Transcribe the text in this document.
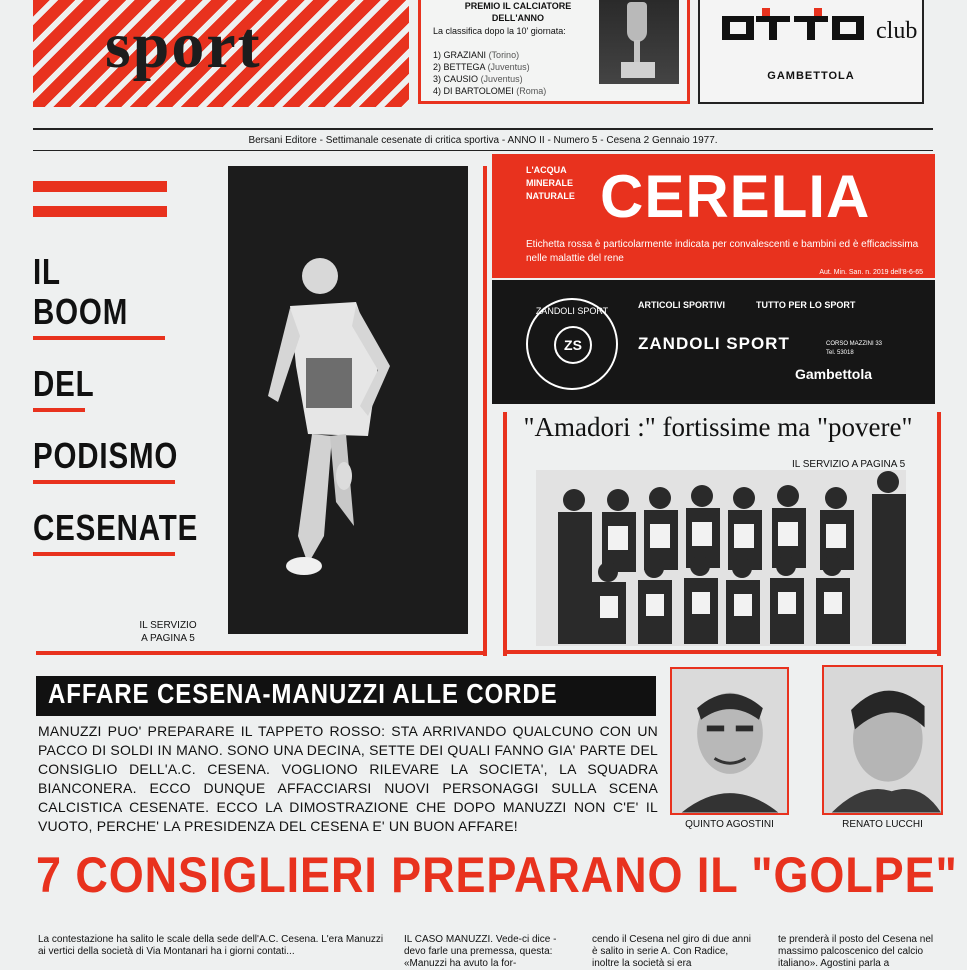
sport
PREMIO IL CALCIATORE
DELL'ANNO
La classifica dopo la 10' giornata:
1) GRAZIANI (Torino)
2) BETTEGA (Juventus)
3) CAUSIO (Juventus)
4) DI BARTOLOMEI (Roma)
club
GAMBETTOLA
Bersani Editore - Settimanale cesenate di critica sportiva - ANNO II - Numero 5 - Cesena 2 Gennaio 1977.
IL BOOM
DEL
PODISMO
CESENATE
IL SERVIZIO
A PAGINA 5
L'ACQUA
MINERALE
NATURALE CERELIA
Etichetta rossa è particolarmente indicata per convalescenti e bambini ed è efficacissima nelle malattie del rene
Aut. Min. San. n. 2019 dell'8-6-65
ZANDOLI SPORT
ZS
ARTICOLI SPORTIVI	TUTTO PER LO SPORT
ZANDOLI SPORT	CORSO MAZZINI 33
Tel. 53018
Gambettola
"Amadori :" fortissime ma "povere"
IL SERVIZIO A PAGINA 5
AFFARE CESENA-MANUZZI ALLE CORDE

MANUZZI PUO' PREPARARE IL TAPPETO ROSSO: STA ARRIVANDO QUALCUNO CON UN PACCO DI SOLDI IN MANO. SONO UNA DECINA, SETTE DEI QUALI FANNO GIA' PARTE DEL CONSIGLIO DELL'A.C. CESENA. VOGLIONO RILEVARE LA SOCIETA', LA SQUADRA BIANCONERA. ECCO DUNQUE AFFACCIARSI NUOVI PERSONAGGI SULLA SCENA CALCISTICA CESENATE. ECCO LA DIMOSTRAZIONE CHE DOPO MANUZZI NON C'E' IL VUOTO, PERCHE' LA PRESIDENZA DEL CESENA E' UN BUON AFFARE!	QUINTO AGOSTINI	RENATO LUCCHI
7 CONSIGLIERI PREPARANO IL "GOLPE"
La contestazione ha salito le scale della sede dell'A.C. Cesena. L'era Manuzzi ai vertici della società di Via Montanari ha i giorni contati...
IL CASO MANUZZI. Vede-ci dice - devo farle una premessa, questa: «Manuzzi ha avuto la for-
cendo il Cesena nel giro di due anni è salito in serie A. Con Radice, inoltre la società si era
te prenderà il posto del Cesena nel massimo palcoscenico del calcio italiano». Agostini parla a
